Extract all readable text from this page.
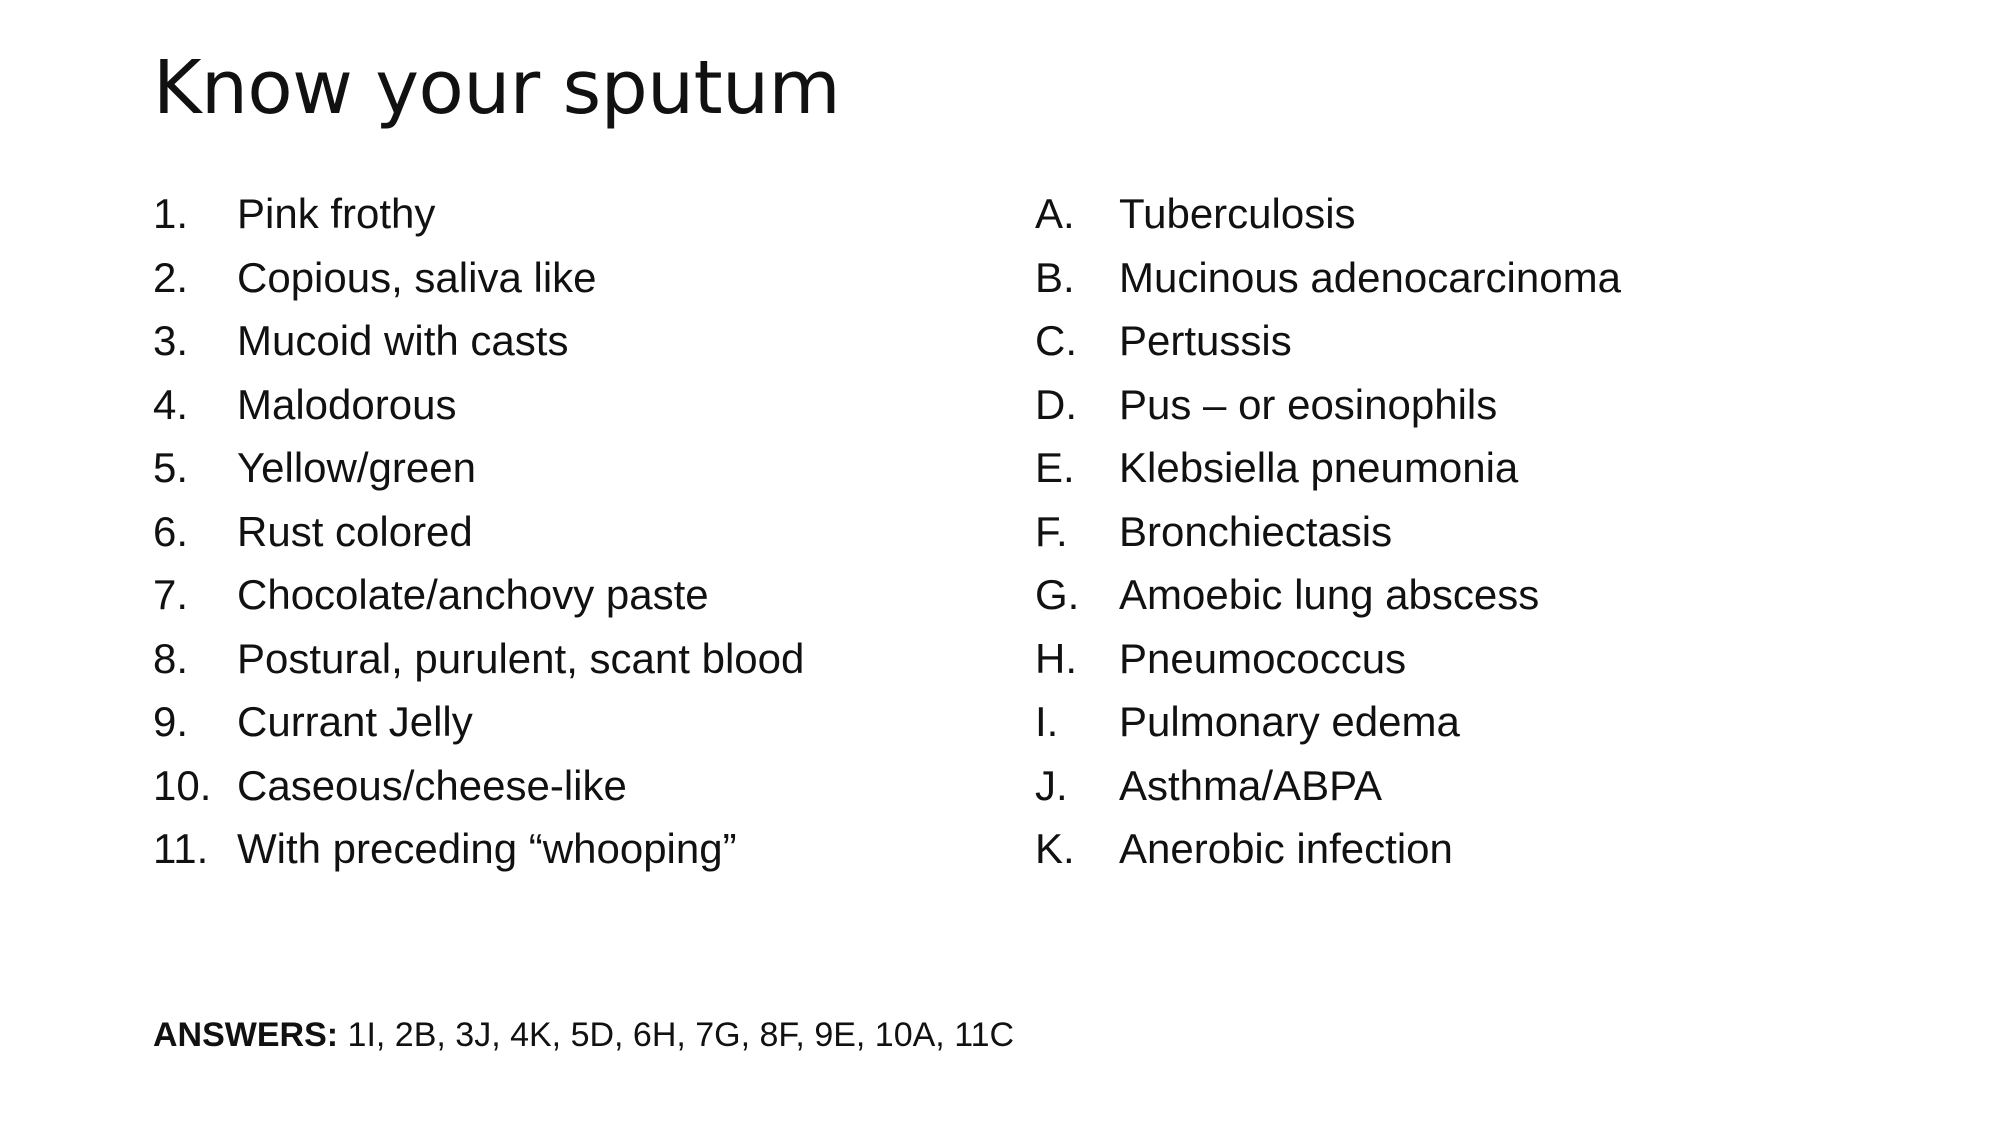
Know your sputum
1.	Pink frothy
2.	Copious, saliva like
3.	Mucoid with casts
4.	Malodorous
5.	Yellow/green
6.	Rust colored
7.	Chocolate/anchovy paste
8.	Postural, purulent, scant blood
9.	Currant Jelly
10. Caseous/cheese-like
11. With preceding “whooping”
A.	Tuberculosis
B.	Mucinous adenocarcinoma
C.	Pertussis
D.	Pus – or eosinophils
E.	Klebsiella pneumonia
F.	Bronchiectasis
G. Amoebic lung abscess
H.	Pneumococcus
I.	Pulmonary edema
J.	Asthma/ABPA
K.	Anerobic infection
ANSWERS: 1I, 2B, 3J, 4K, 5D, 6H, 7G, 8F, 9E, 10A, 11C
